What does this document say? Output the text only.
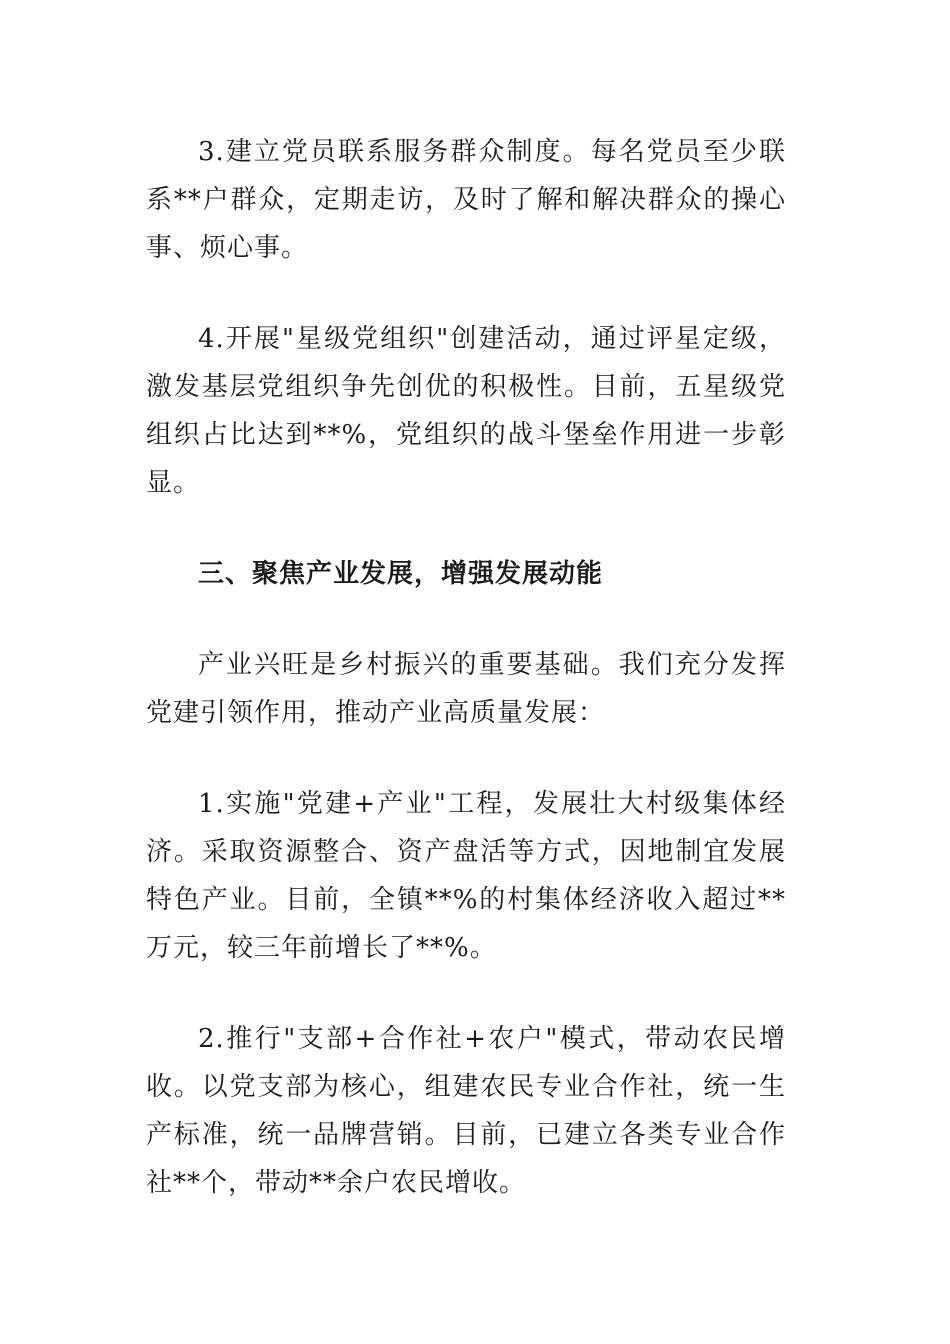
3.建立党员联系服务群众制度。每名党员至少联系**户群众，定期走访，及时了解和解决群众的操心事、烦心事。

4.开展"星级党组织"创建活动，通过评星定级，激发基层党组织争先创优的积极性。目前，五星级党组织占比达到**%，党组织的战斗堡垒作用进一步彰显。

三、聚焦产业发展，增强发展动能

产业兴旺是乡村振兴的重要基础。我们充分发挥党建引领作用，推动产业高质量发展：

1.实施"党建+产业"工程，发展壮大村级集体经济。采取资源整合、资产盘活等方式，因地制宜发展特色产业。目前，全镇**%的村集体经济收入超过**万元，较三年前增长了**%。

2.推行"支部+合作社+农户"模式，带动农民增收。以党支部为核心，组建农民专业合作社，统一生产标准，统一品牌营销。目前，已建立各类专业合作社**个，带动**余户农民增收。
